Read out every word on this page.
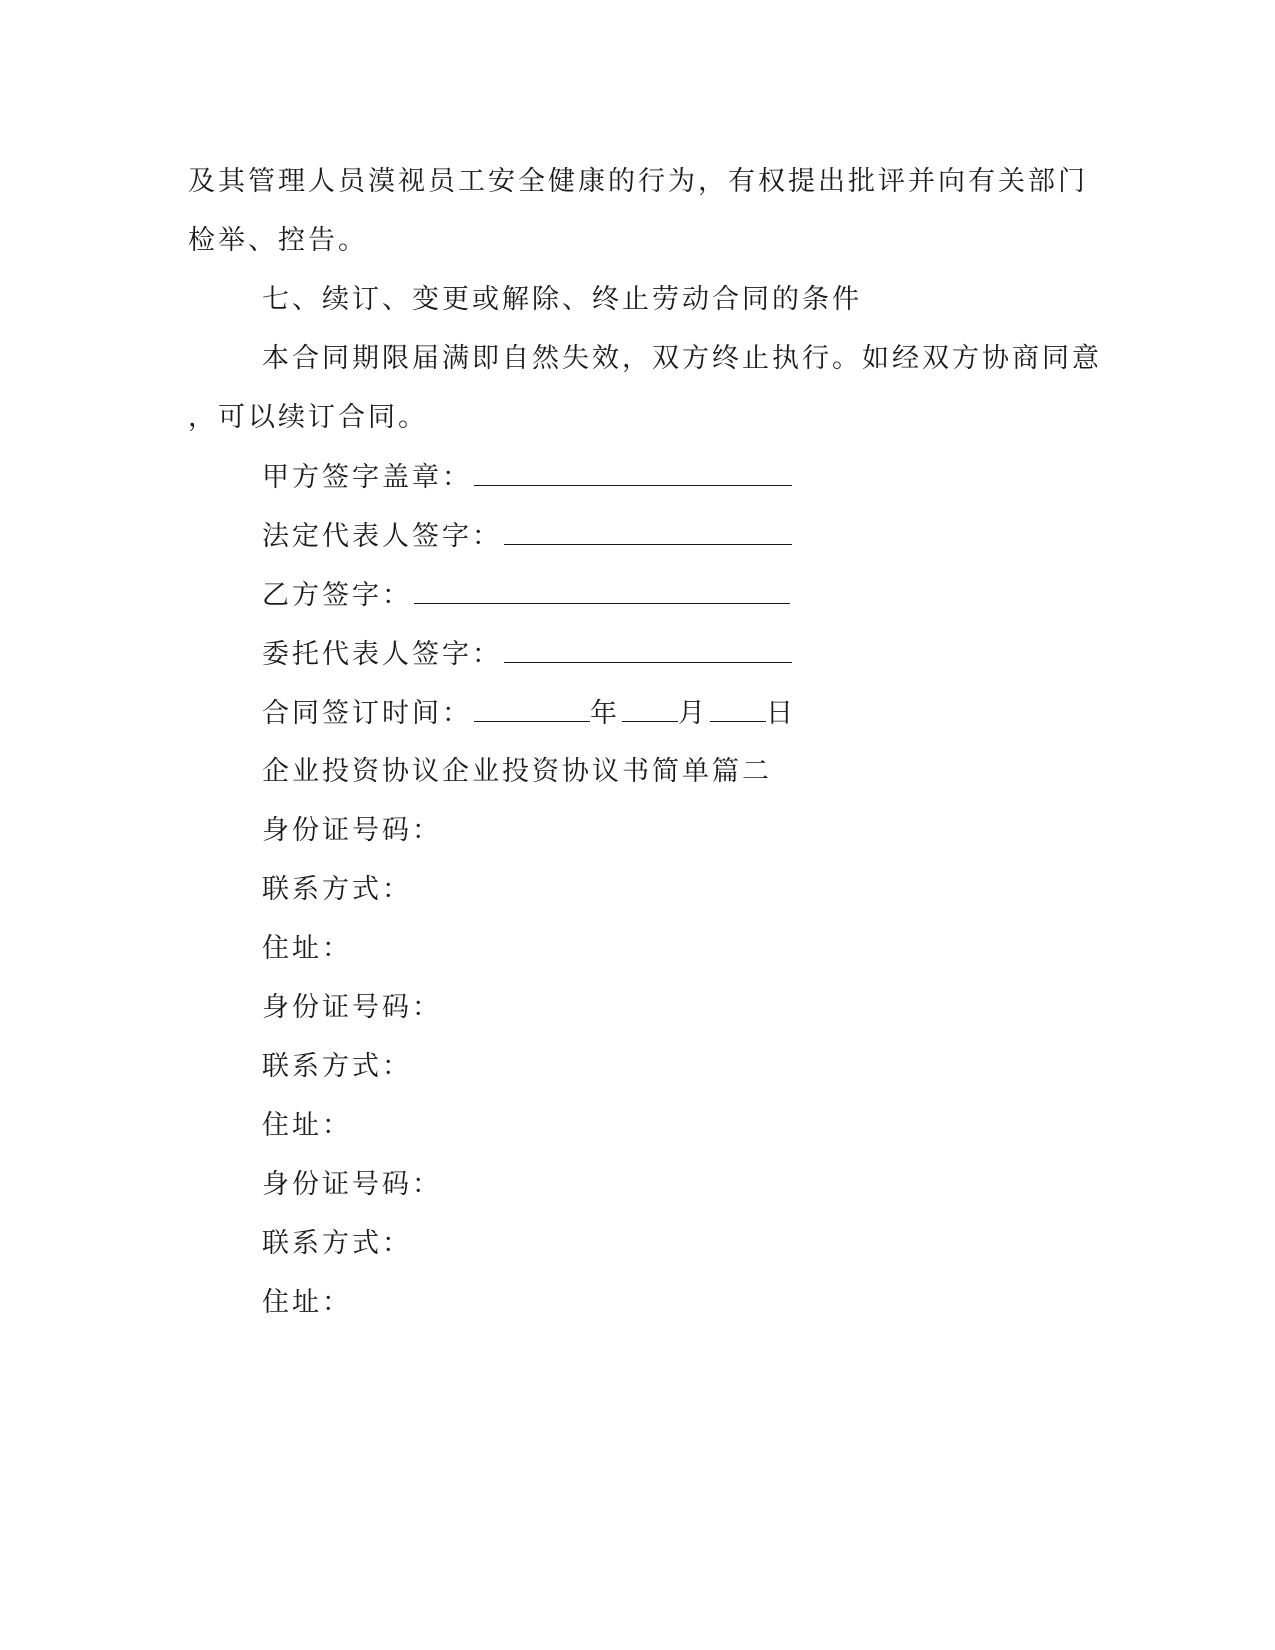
及其管理人员漠视员工安全健康的行为，有权提出批评并向有关部门
检举、控告。
七、续订、变更或解除、终止劳动合同的条件
本合同期限届满即自然失效，双方终止执行。如经双方协商同意
，可以续订合同。
甲方签字盖章：
法定代表人签字：
乙方签字：
委托代表人签字：
合同签订时间：	年 月 日
企业投资协议企业投资协议书简单篇二
身份证号码：
联系方式：
住址：
身份证号码：
联系方式：
住址：
身份证号码：
联系方式：
住址：
